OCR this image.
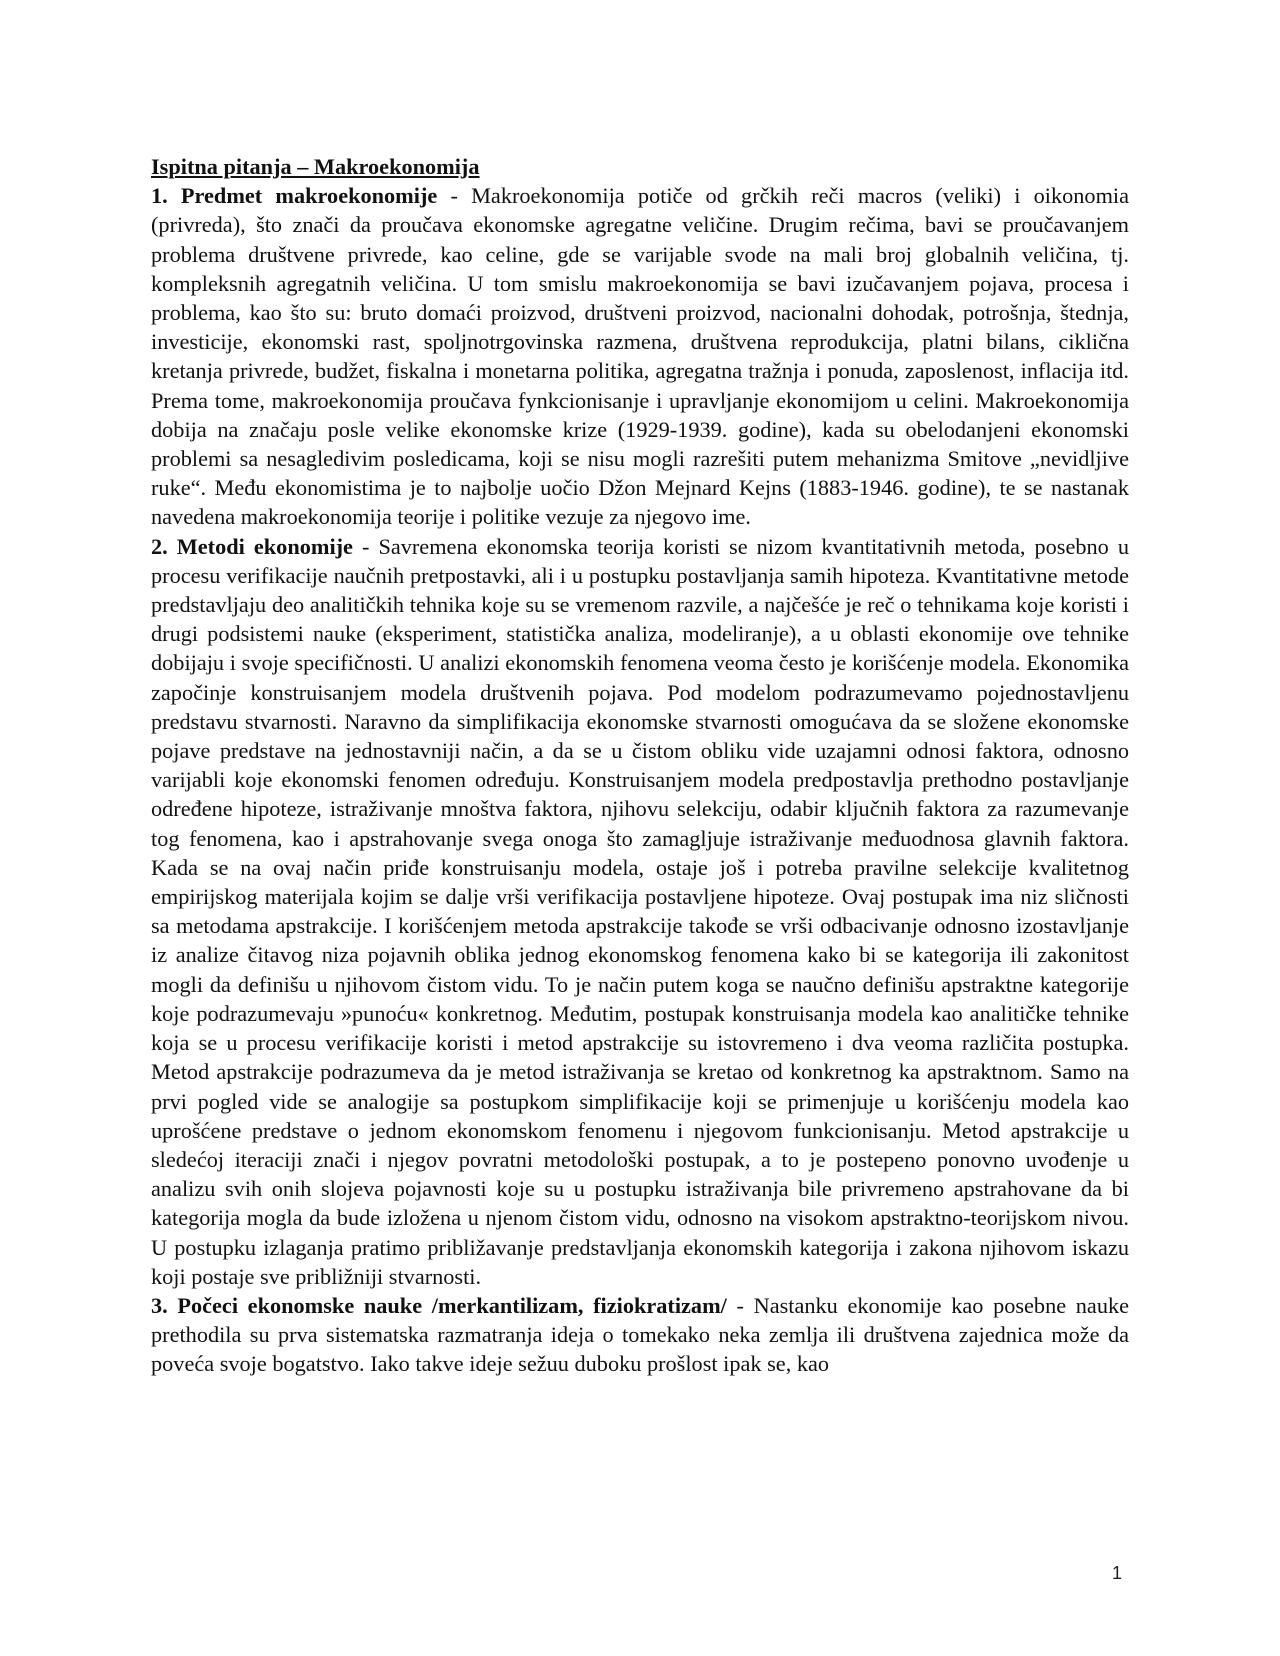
Ispitna pitanja – Makroekonomija

1. Predmet makroekonomije - Makroekonomija potiče od grčkih reči macros (veliki) i oikonomia (privreda), što znači da proučava ekonomske agregatne veličine. Drugim rečima, bavi se proučavanjem problema društvene privrede, kao celine, gde se varijable svode na mali broj globalnih veličina, tj. kompleksnih agregatnih veličina. U tom smislu makroekonomija se bavi izučavanjem pojava, procesa i problema, kao što su: bruto domaći proizvod, društveni proizvod, nacionalni dohodak, potrošnja, štednja, investicije, ekonomski rast, spoljnotrgovinska razmena, društvena reprodukcija, platni bilans, ciklična kretanja privrede, budžet, fiskalna i monetarna politika, agregatna tražnja i ponuda, zaposlenost, inflacija itd. Prema tome, makroekonomija proučava fynkcionisanje i upravljanje ekonomijom u celini. Makroekonomija dobija na značaju posle velike ekonomske krize (1929-1939. godine), kada su obelodanjeni ekonomski problemi sa nesagledivim posledicama, koji se nisu mogli razrešiti putem mehanizma Smitove „nevidljive ruke“. Među ekonomistima je to najbolje uočio Džon Mejnard Kejns (1883-1946. godine), te se nastanak navedena makroekonomija teorije i politike vezuje za njegovo ime.

2. Metodi ekonomije - Savremena ekonomska teorija koristi se nizom kvantitativnih metoda, posebno u procesu verifikacije naučnih pretpostavki, ali i u postupku postavljanja samih hipoteza. Kvantitativne metode predstavljaju deo analitičkih tehnika koje su se vremenom razvile, a najčešće je reč o tehnikama koje koristi i drugi podsistemi nauke (eksperiment, statistička analiza, modeliranje), a u oblasti ekonomije ove tehnike dobijaju i svoje specifičnosti. U analizi ekonomskih fenomena veoma često je korišćenje modela. Ekonomika započinje konstruisanjem modela društvenih pojava. Pod modelom podrazumevamo pojednostavljenu predstavu stvarnosti. Naravno da simplifikacija ekonomske stvarnosti omogućava da se složene ekonomske pojave predstave na jednostavniji način, a da se u čistom obliku vide uzajamni odnosi faktora, odnosno varijabli koje ekonomski fenomen određuju. Konstruisanjem modela predpostavlja prethodno postavljanje određene hipoteze, istraživanje mnoštva faktora, njihovu selekciju, odabir ključnih faktora za razumevanje tog fenomena, kao i apstrahovanje svega onoga što zamagljuje istraživanje međuodnosa glavnih faktora. Kada se na ovaj način priđe konstruisanju modela, ostaje još i potreba pravilne selekcije kvalitetnog empirijskog materijala kojim se dalje vrši verifikacija postavljene hipoteze. Ovaj postupak ima niz sličnosti sa metodama apstrakcije. I korišćenjem metoda apstrakcije takođe se vrši odbacivanje odnosno izostavljanje iz analize čitavog niza pojavnih oblika jednog ekonomskog fenomena kako bi se kategorija ili zakonitost mogli da definišu u njihovom čistom vidu. To je način putem koga se naučno definišu apstraktne kategorije koje podrazumevaju »punoću« konkretnog. Međutim, postupak konstruisanja modela kao analitičke tehnike koja se u procesu verifikacije koristi i metod apstrakcije su istovremeno i dva veoma različita postupka. Metod apstrakcije podrazumeva da je metod istraživanja se kretao od konkretnog ka apstraktnom. Samo na prvi pogled vide se analogije sa postupkom simplifikacije koji se primenjuje u korišćenju modela kao uprošćene predstave o jednom ekonomskom fenomenu i njegovom funkcionisanju. Metod apstrakcije u sledećoj iteraciji znači i njegov povratni metodološki postupak, a to je postepeno ponovno uvođenje u analizu svih onih slojeva pojavnosti koje su u postupku istraživanja bile privremeno apstrahovane da bi kategorija mogla da bude izložena u njenom čistom vidu, odnosno na visokom apstraktno-teorijskom nivou. U postupku izlaganja pratimo približavanje predstavljanja ekonomskih kategorija i zakona njihovom iskazu koji postaje sve približniji stvarnosti.

3. Počeci ekonomske nauke /merkantilizam, fiziokratizam/ - Nastanku ekonomije kao posebne nauke prethodila su prva sistematska razmatranja ideja o tomekako neka zemlja ili društvena zajednica može da poveća svoje bogatstvo. Iako takve ideje sežuu duboku prošlost ipak se, kao

1
